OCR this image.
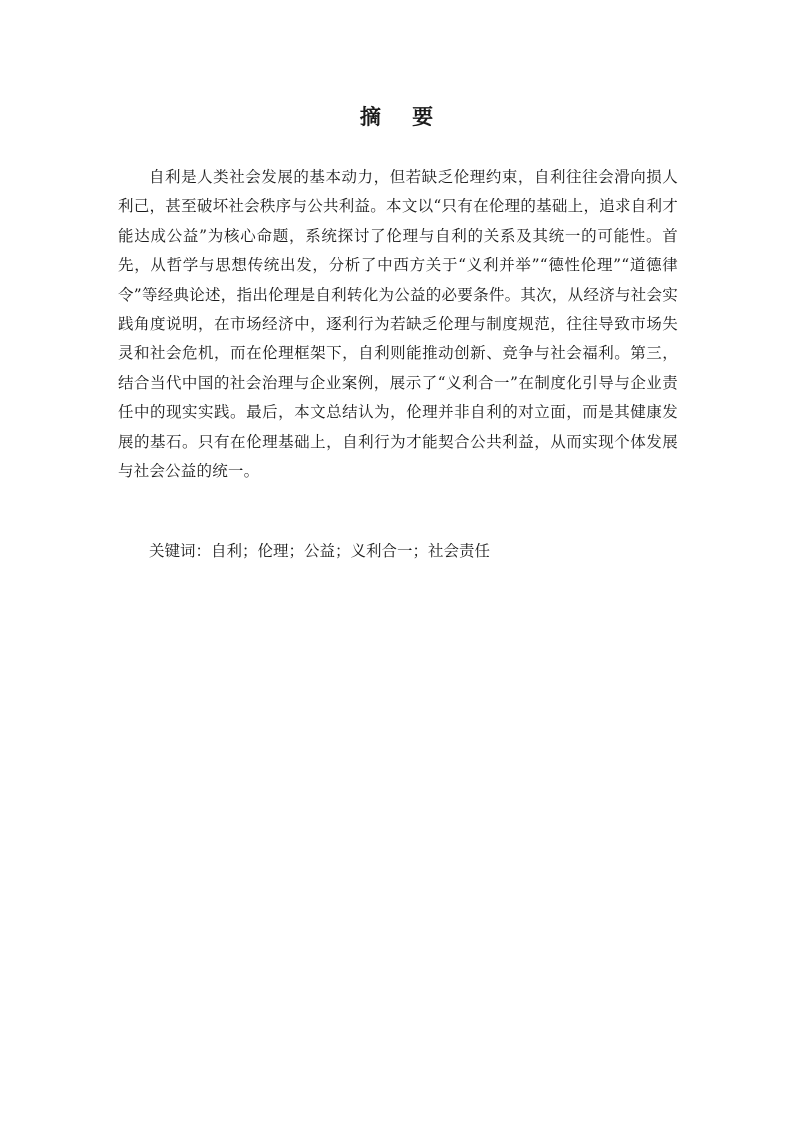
摘 要

自利是人类社会发展的基本动力，但若缺乏伦理约束，自利往往会滑向损人利己，甚至破坏社会秩序与公共利益。本文以“只有在伦理的基础上，追求自利才能达成公益”为核心命题，系统探讨了伦理与自利的关系及其统一的可能性。首先，从哲学与思想传统出发，分析了中西方关于“义利并举”“德性伦理”“道德律令”等经典论述，指出伦理是自利转化为公益的必要条件。其次，从经济与社会实践角度说明，在市场经济中，逐利行为若缺乏伦理与制度规范，往往导致市场失灵和社会危机，而在伦理框架下，自利则能推动创新、竞争与社会福利。第三，结合当代中国的社会治理与企业案例，展示了“义利合一”在制度化引导与企业责任中的现实实践。最后，本文总结认为，伦理并非自利的对立面，而是其健康发展的基石。只有在伦理基础上，自利行为才能契合公共利益，从而实现个体发展与社会公益的统一。

关键词：自利；伦理；公益；义利合一；社会责任
